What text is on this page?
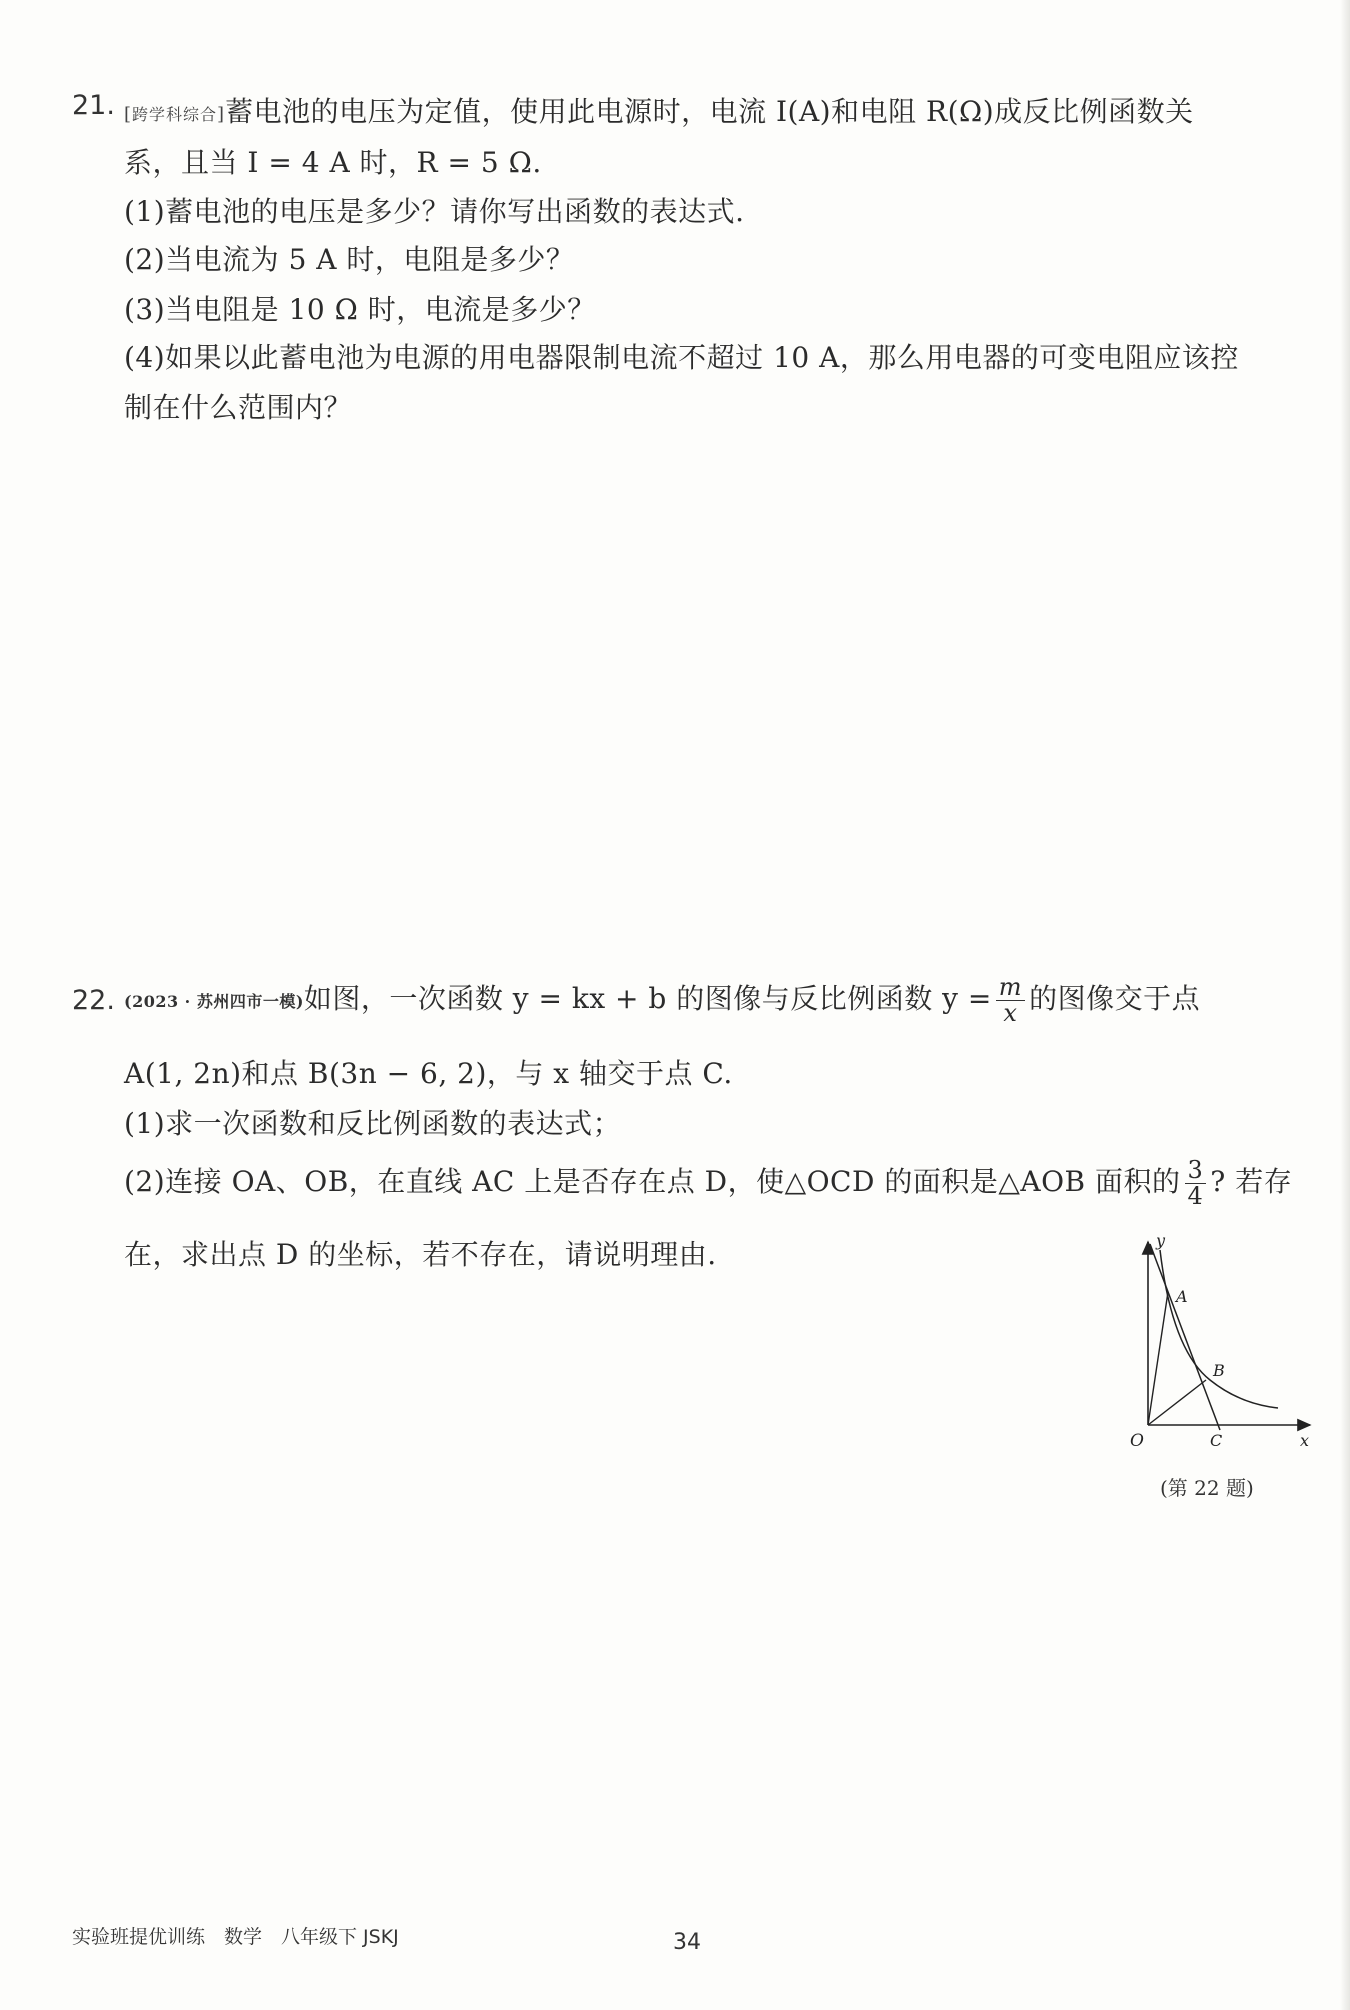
21. [跨学科综合]蓄电池的电压为定值，使用此电源时，电流 I(A)和电阻 R(Ω)成反比例函数关
系，且当 I = 4 A 时，R = 5 Ω.
(1)蓄电池的电压是多少？请你写出函数的表达式.
(2)当电流为 5 A 时，电阻是多少？
(3)当电阻是 10 Ω 时，电流是多少？
(4)如果以此蓄电池为电源的用电器限制电流不超过 10 A，那么用电器的可变电阻应该控
制在什么范围内？
22. (2023 · 苏州四市一模)如图，一次函数 y = kx + b 的图像与反比例函数 $y = \frac{m}{x}$ 的图像交于点
A(1, 2n)和点 B(3n − 6, 2)，与 x 轴交于点 C.
(1)求一次函数和反比例函数的表达式；
(2)连接 OA、OB，在直线 AC 上是否存在点 D，使△OCD 的面积是△AOB 面积的 $\frac{3}{4}$ ? 若存
在，求出点 D 的坐标，若不存在，请说明理由.	y
x
O
A
B
C
(第 22 题)
实验班提优训练　数学　八年级下 JSKJ	34
